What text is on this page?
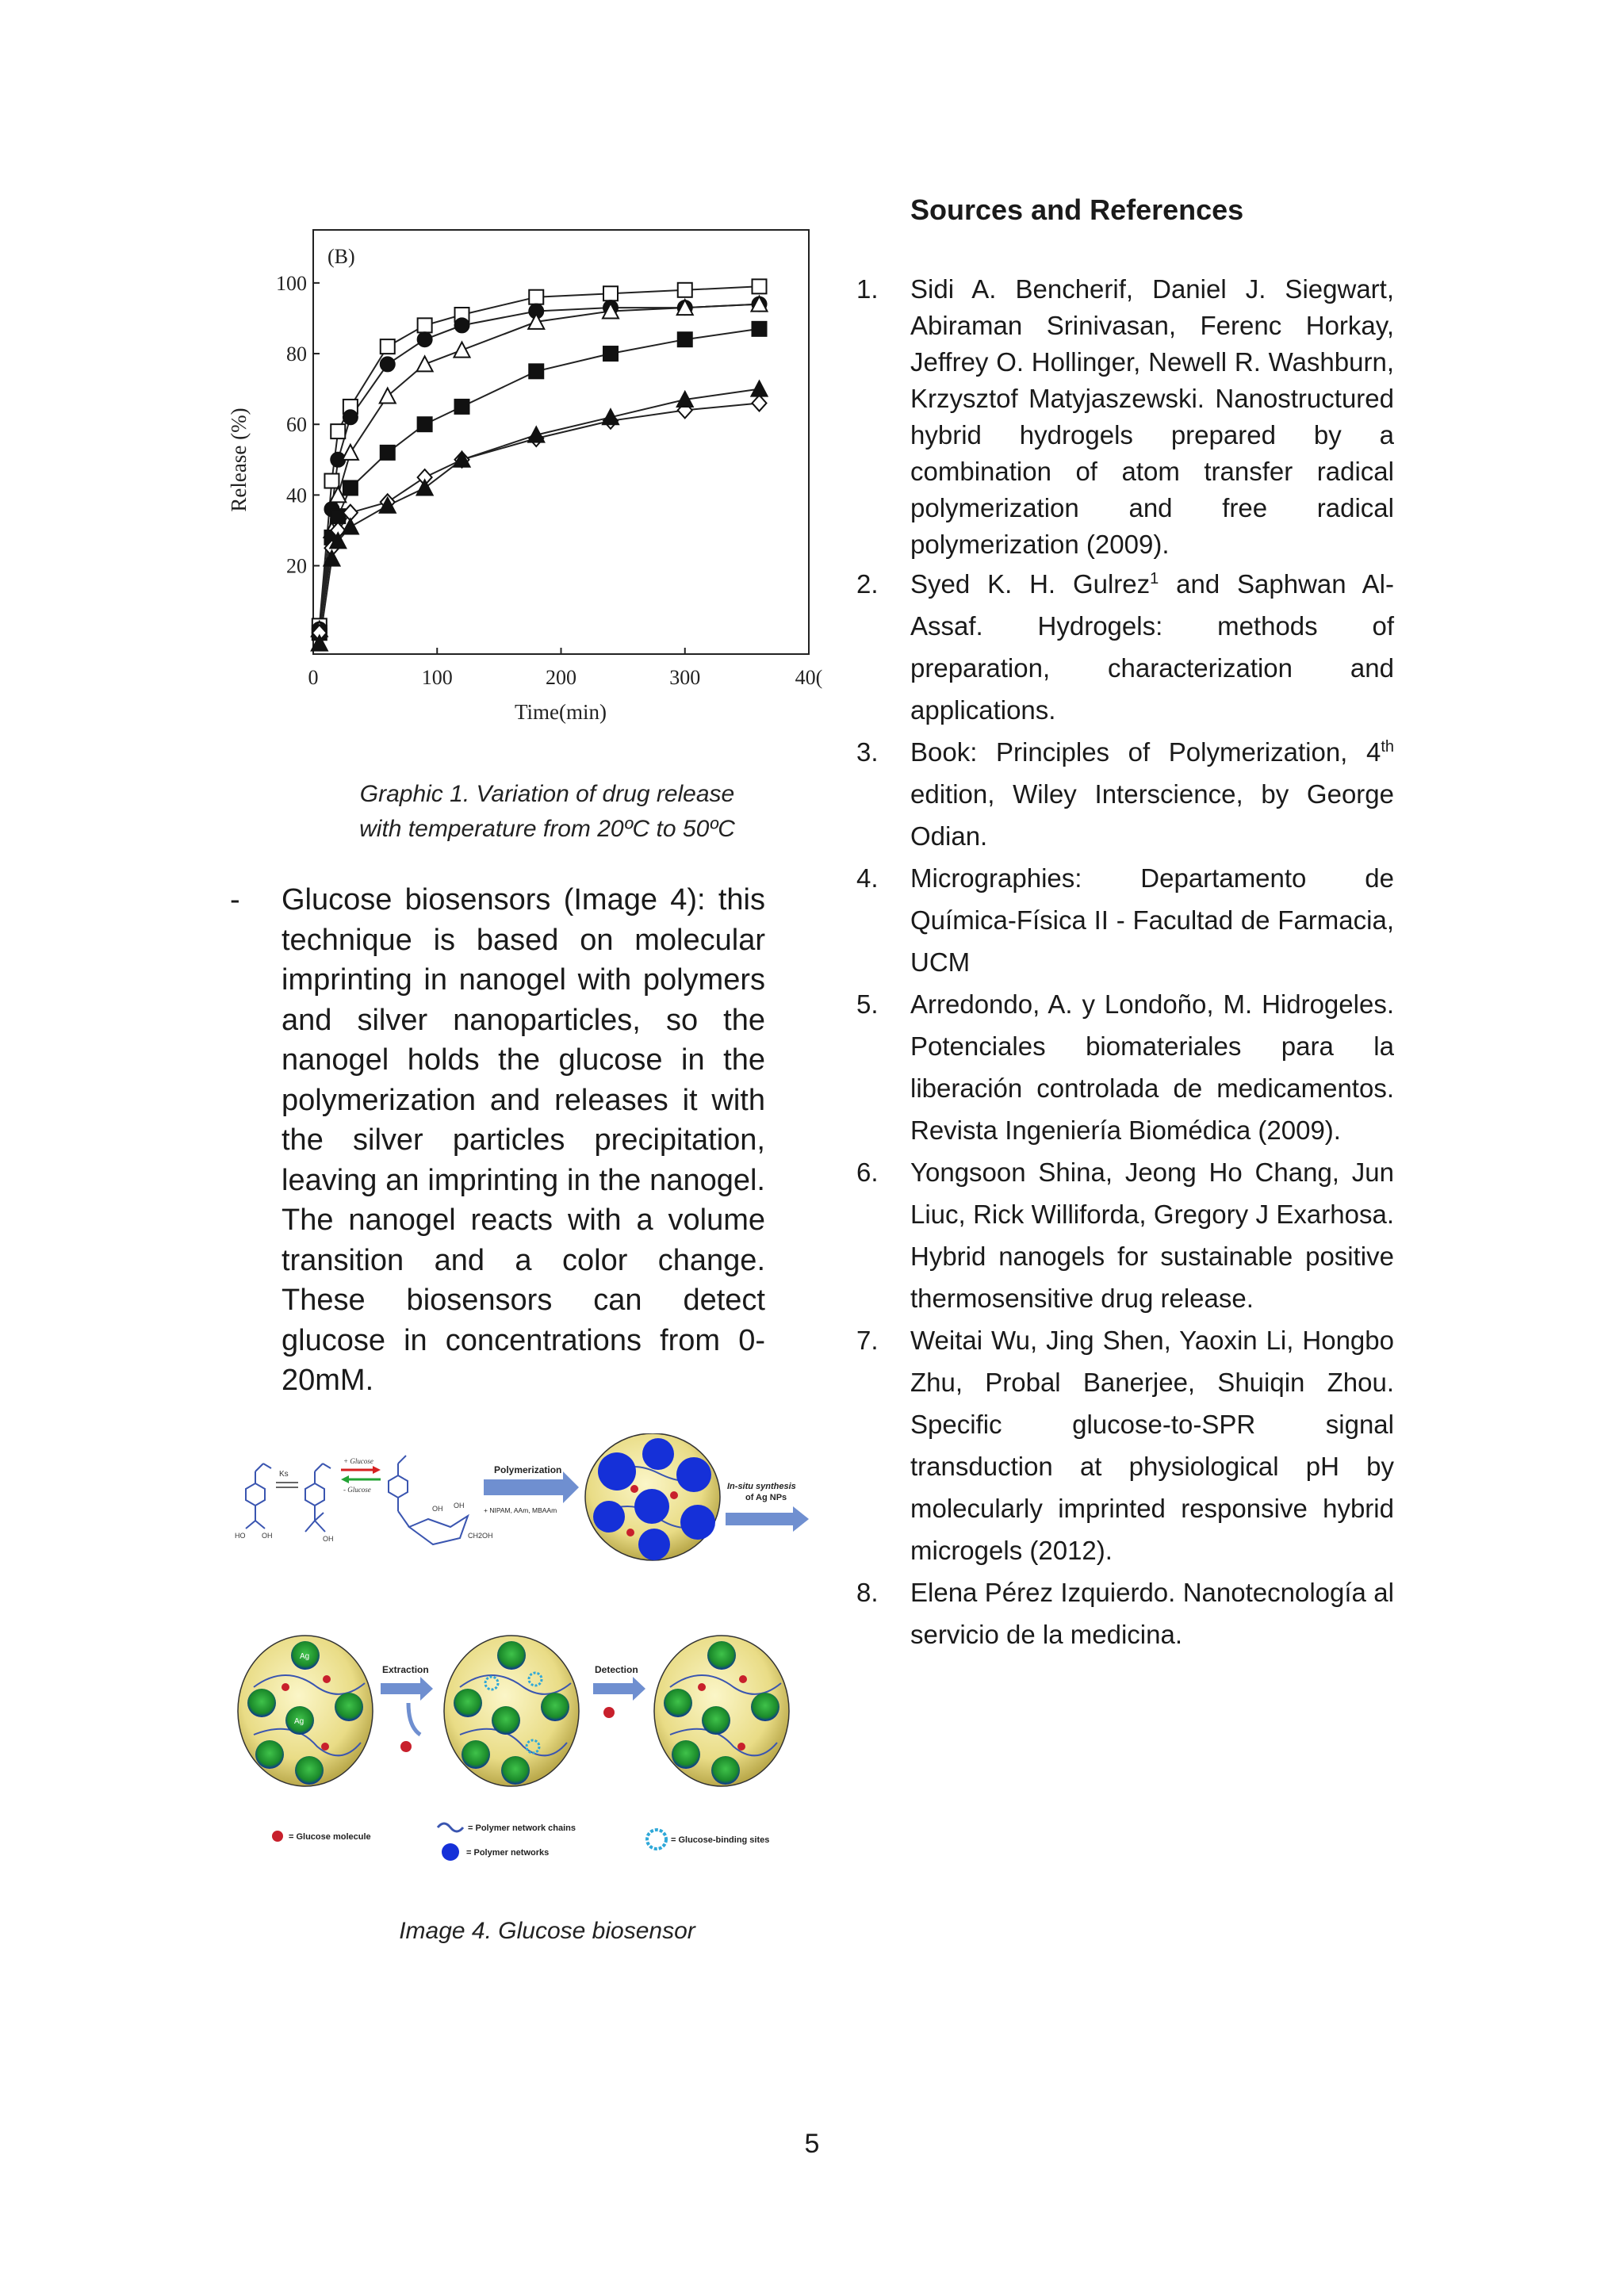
(B)
Release (%)
Time(min)
20
40
60
80
100
0	100	200	300	40(
Graphic 1. Variation of drug release
with temperature from 20ºC to 50ºC
- Glucose biosensors (Image 4): this technique is based on molecular imprinting in nanogel with polymers and silver nanoparticles, so the nanogel holds the glucose in the polymerization and releases it with the silver particles precipitation, leaving an imprinting in the nanogel. The nanogel reacts with a volume transition and a color change. These biosensors can detect glucose in concentrations from 0-20mM.
HO OH
Ks
OH
+ Glucose
- Glucose
OH OH
CH2OH
Polymerization
+ NIPAM, AAm, MBAAm
In-situ synthesis
of Ag NPs
Ag
Ag
Extraction	Detection
= Glucose molecule
= Polymer network chains
= Polymer networks
= Glucose-binding sites
Image 4. Glucose biosensor
Sources and References

1. Sidi A. Bencherif, Daniel J. Siegwart, Abiraman Srinivasan, Ferenc Horkay, Jeffrey O. Hollinger, Newell R. Washburn, Krzysztof Matyjaszewski. Nanostructured hybrid hydrogels prepared by a combination of atom transfer radical polymerization and free radical polymerization (2009).

2. Syed K. H. Gulrez$^1$ and Saphwan Al-Assaf. Hydrogels: methods of preparation, characterization and applications.

3. Book: Principles of Polymerization, 4th edition, Wiley Interscience, by George Odian.

4. Micrographies: Departamento de Química-Física II - Facultad de Farmacia, UCM

5. Arredondo, A. y Londoño, M. Hidrogeles. Potenciales biomateriales para la liberación controlada de medicamentos. Revista Ingeniería Biomédica (2009).

6. Yongsoon Shina, Jeong Ho Chang, Jun Liuc, Rick Williforda, Gregory J Exarhosa. Hybrid nanogels for sustainable positive thermosensitive drug release.

7. Weitai Wu, Jing Shen, Yaoxin Li, Hongbo Zhu, Probal Banerjee, Shuiqin Zhou. Specific glucose-to-SPR signal transduction at physiological pH by molecularly imprinted responsive hybrid microgels (2012).

8. Elena Pérez Izquierdo. Nanotecnología al servicio de la medicina.

5
